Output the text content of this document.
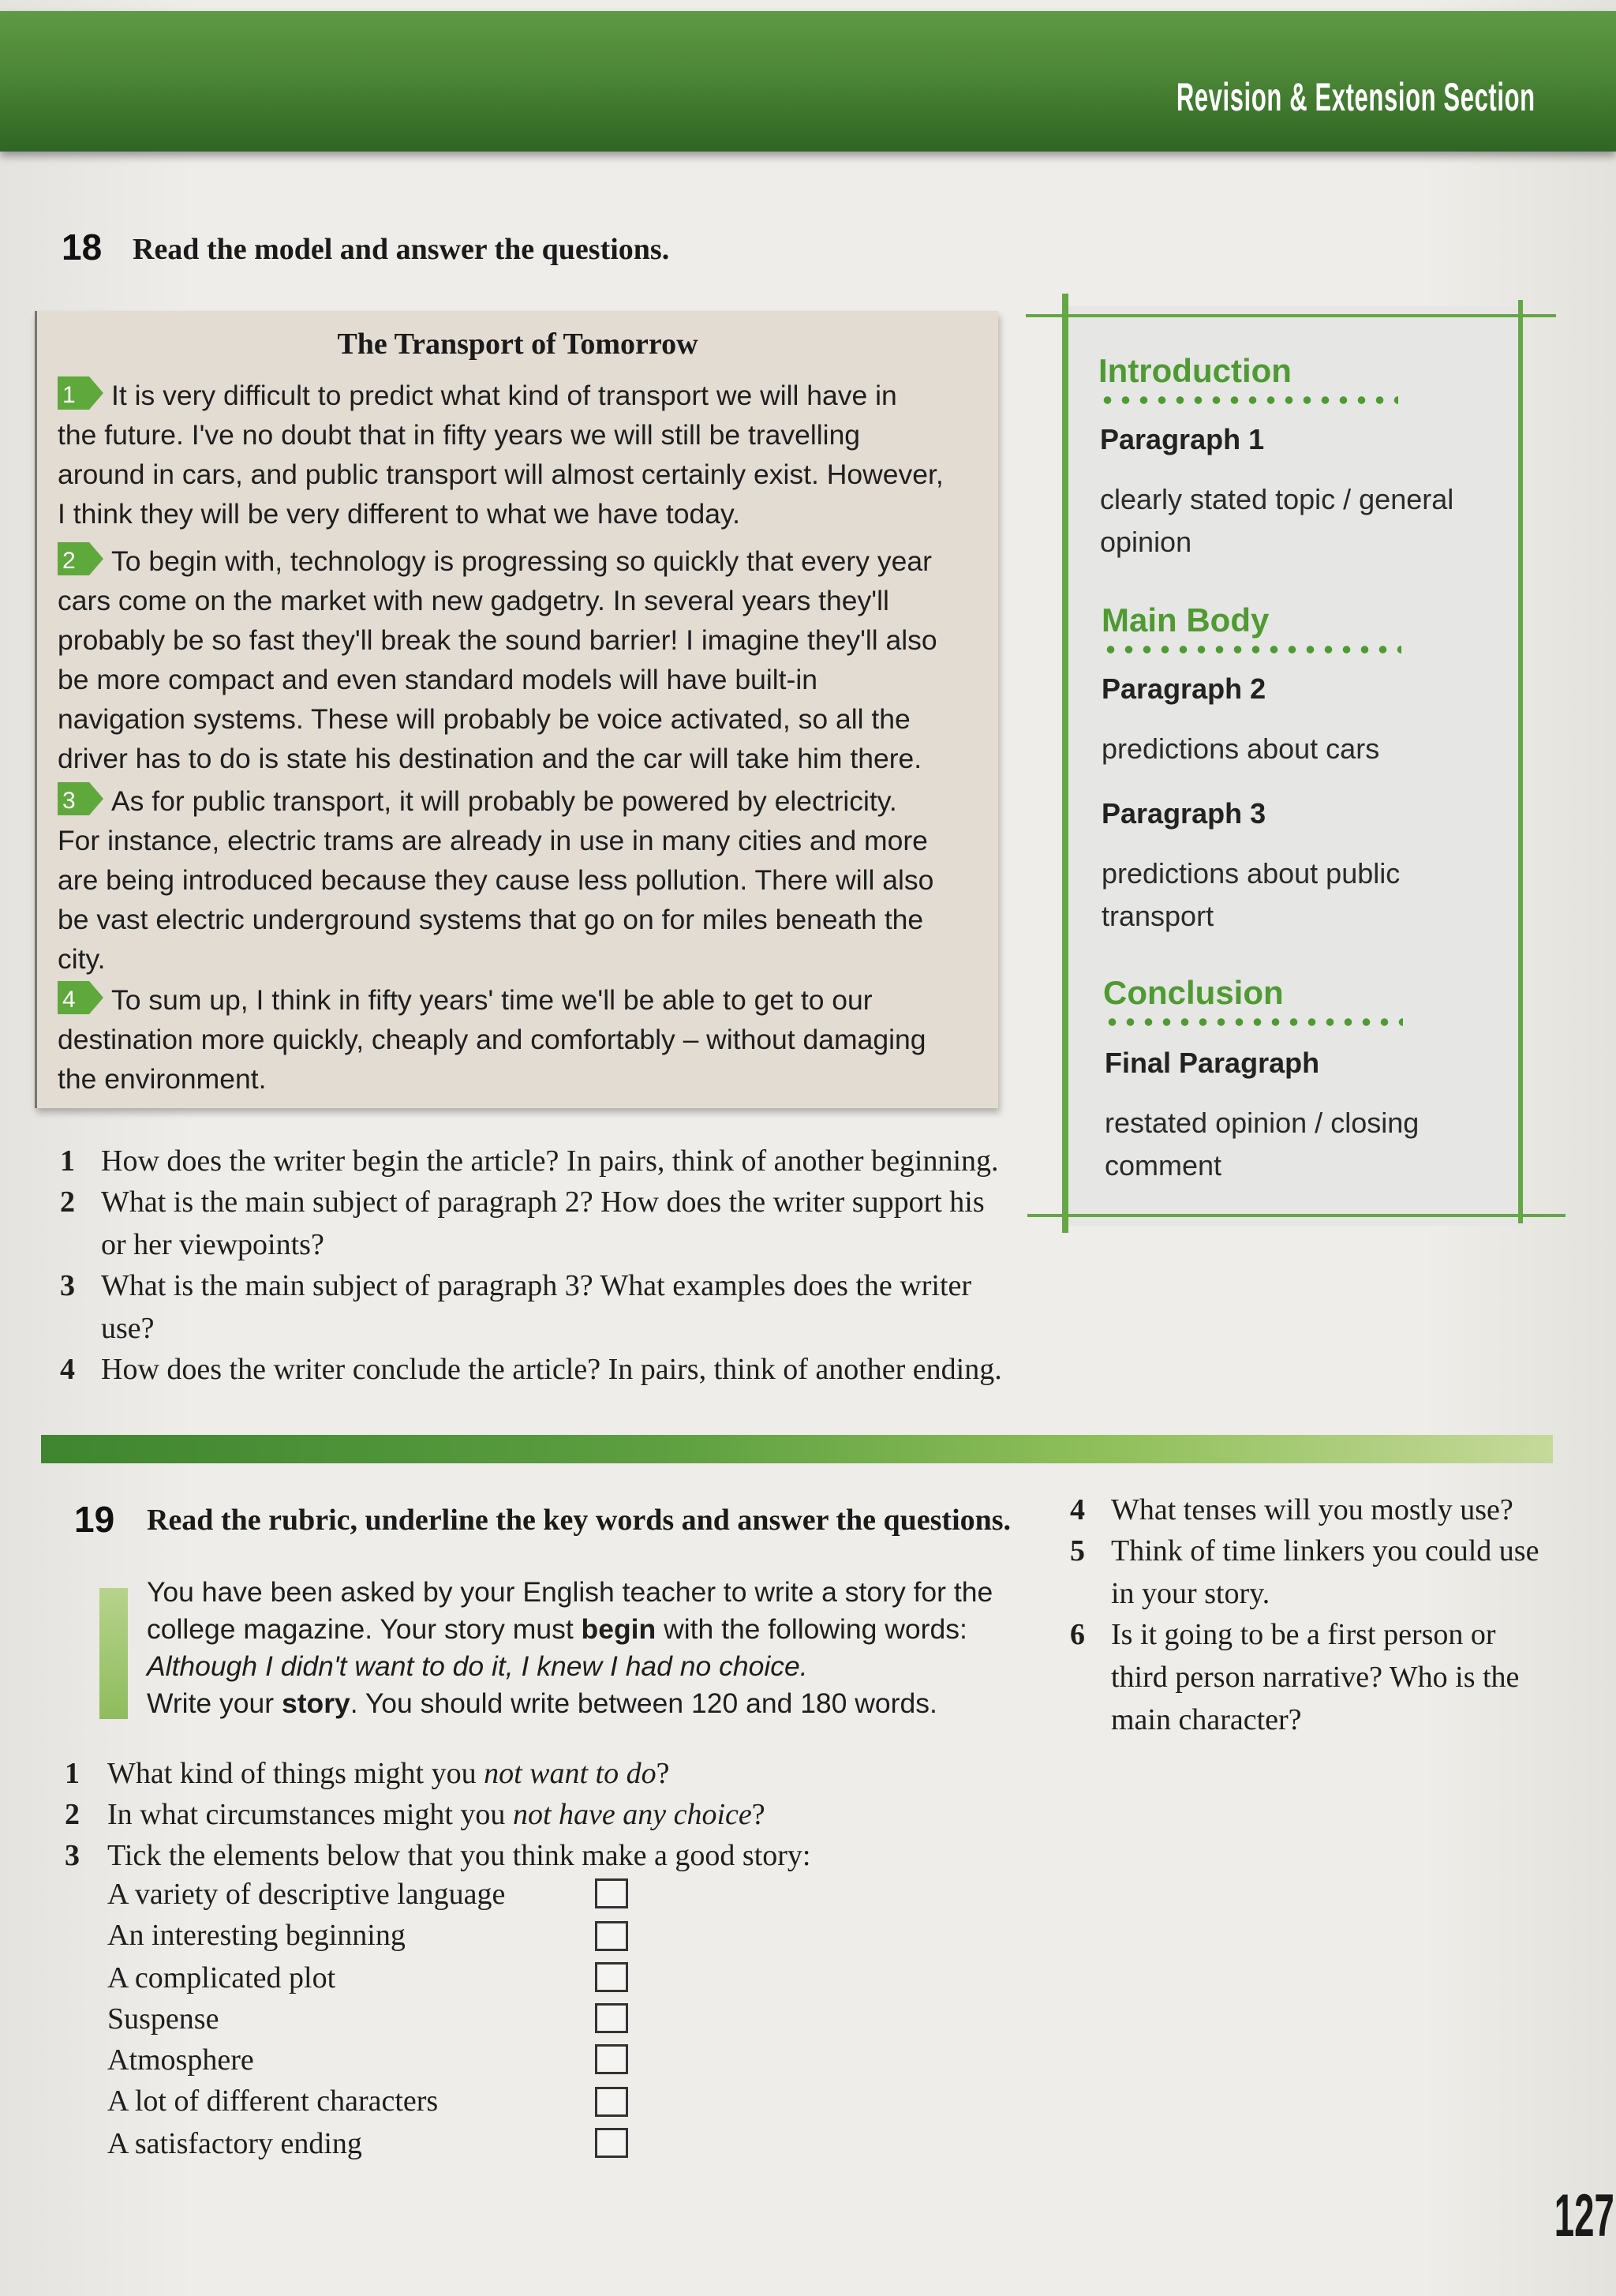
Revision & Extension Section
18 Read the model and answer the questions.
The Transport of Tomorrow
1 It is very difficult to predict what kind of transport we will have in
the future. I've no doubt that in fifty years we will still be travelling
around in cars, and public transport will almost certainly exist. However,
I think they will be very different to what we have today.
2 To begin with, technology is progressing so quickly that every year
cars come on the market with new gadgetry. In several years they'll
probably be so fast they'll break the sound barrier! I imagine they'll also
be more compact and even standard models will have built-in
navigation systems. These will probably be voice activated, so all the
driver has to do is state his destination and the car will take him there.
3 As for public transport, it will probably be powered by electricity.
For instance, electric trams are already in use in many cities and more
are being introduced because they cause less pollution. There will also
be vast electric underground systems that go on for miles beneath the
city.
4 To sum up, I think in fifty years' time we'll be able to get to our
destination more quickly, cheaply and comfortably – without damaging
the environment.
Introduction
Paragraph 1
clearly stated topic / general
opinion
Main Body
Paragraph 2
predictions about cars
Paragraph 3
predictions about public
transport
Conclusion
Final Paragraph
restated opinion / closing
comment
1 How does the writer begin the article? In pairs, think of another beginning.
2 What is the main subject of paragraph 2? How does the writer support his
or her viewpoints?
3 What is the main subject of paragraph 3? What examples does the writer
use?
4 How does the writer conclude the article? In pairs, think of another ending.
19 Read the rubric, underline the key words and answer the questions.
You have been asked by your English teacher to write a story for the
college magazine. Your story must begin with the following words:
Although I didn't want to do it, I knew I had no choice.
Write your story. You should write between 120 and 180 words.
1 What kind of things might you not want to do?
2 In what circumstances might you not have any choice?
3 Tick the elements below that you think make a good story:
A variety of descriptive language
An interesting beginning
A complicated plot
Suspense
Atmosphere
A lot of different characters
A satisfactory ending
4 What tenses will you mostly use?
5 Think of time linkers you could use
in your story.
6 Is it going to be a first person or
third person narrative? Who is the
main character?
127
